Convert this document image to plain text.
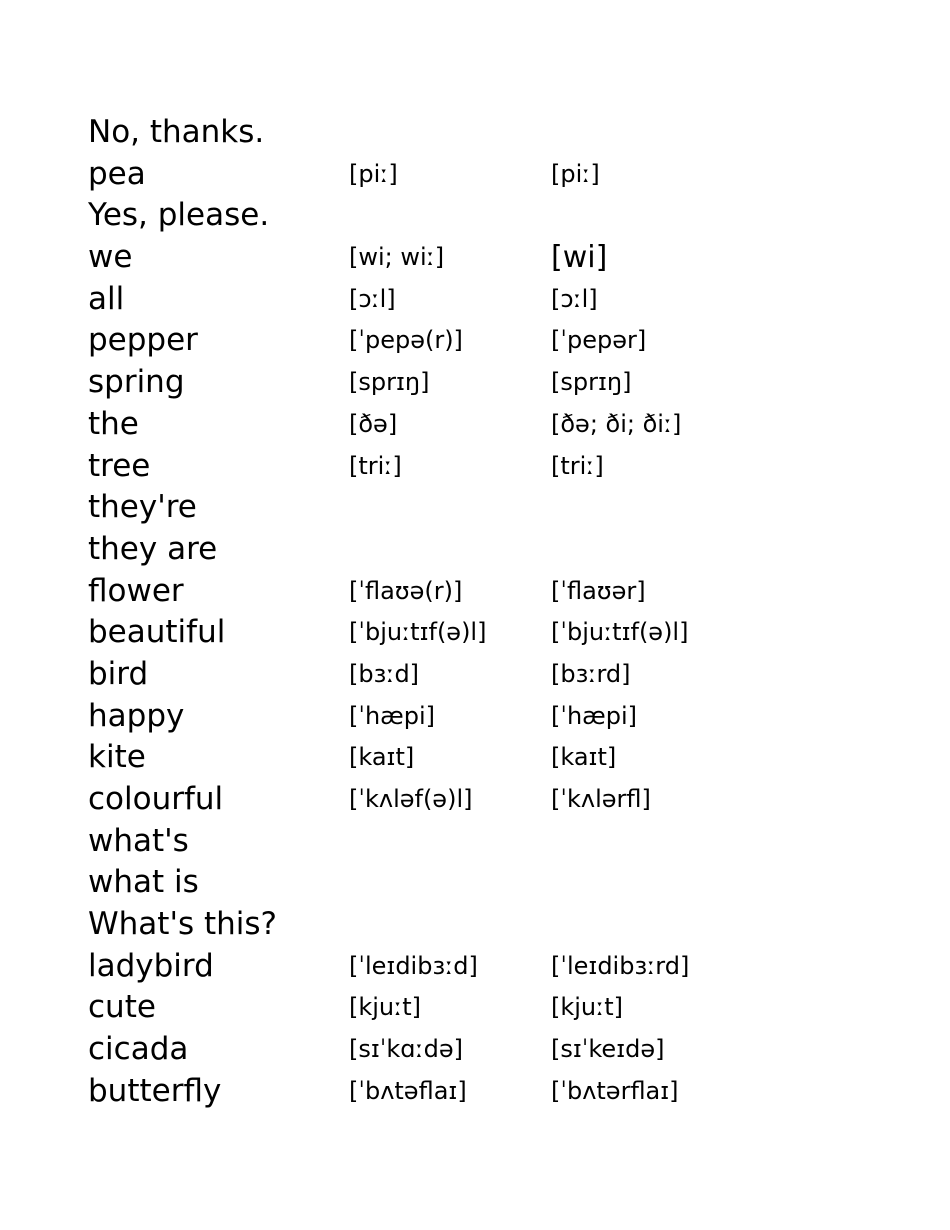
No, thanks.
pea	[piː]	[piː]
Yes, please.
we	[wi; wiː]	[wi]
all	[ɔːl]	[ɔːl]
pepper	[ˈpepə(r)]	[ˈpepər]
spring	[sprɪŋ]	[sprɪŋ]
the	[ðə]	[ðə; ði; ðiː]
tree	[triː]	[triː]
they're
they are
flower	[ˈflaʊə(r)]	[ˈflaʊər]
beautiful	[ˈbjuːtɪf(ə)l]	[ˈbjuːtɪf(ə)l]
bird	[bɜːd]	[bɜːrd]
happy	[ˈhæpi]	[ˈhæpi]
kite	[kaɪt]	[kaɪt]
colourful	[ˈkʌləf(ə)l]	[ˈkʌlərfl]
what's
what is
What's this?
ladybird	[ˈleɪdibɜːd]	[ˈleɪdibɜːrd]
cute	[kjuːt]	[kjuːt]
cicada	[sɪˈkɑːdə]	[sɪˈkeɪdə]
butterfly	[ˈbʌtəflaɪ]	[ˈbʌtərflaɪ]
